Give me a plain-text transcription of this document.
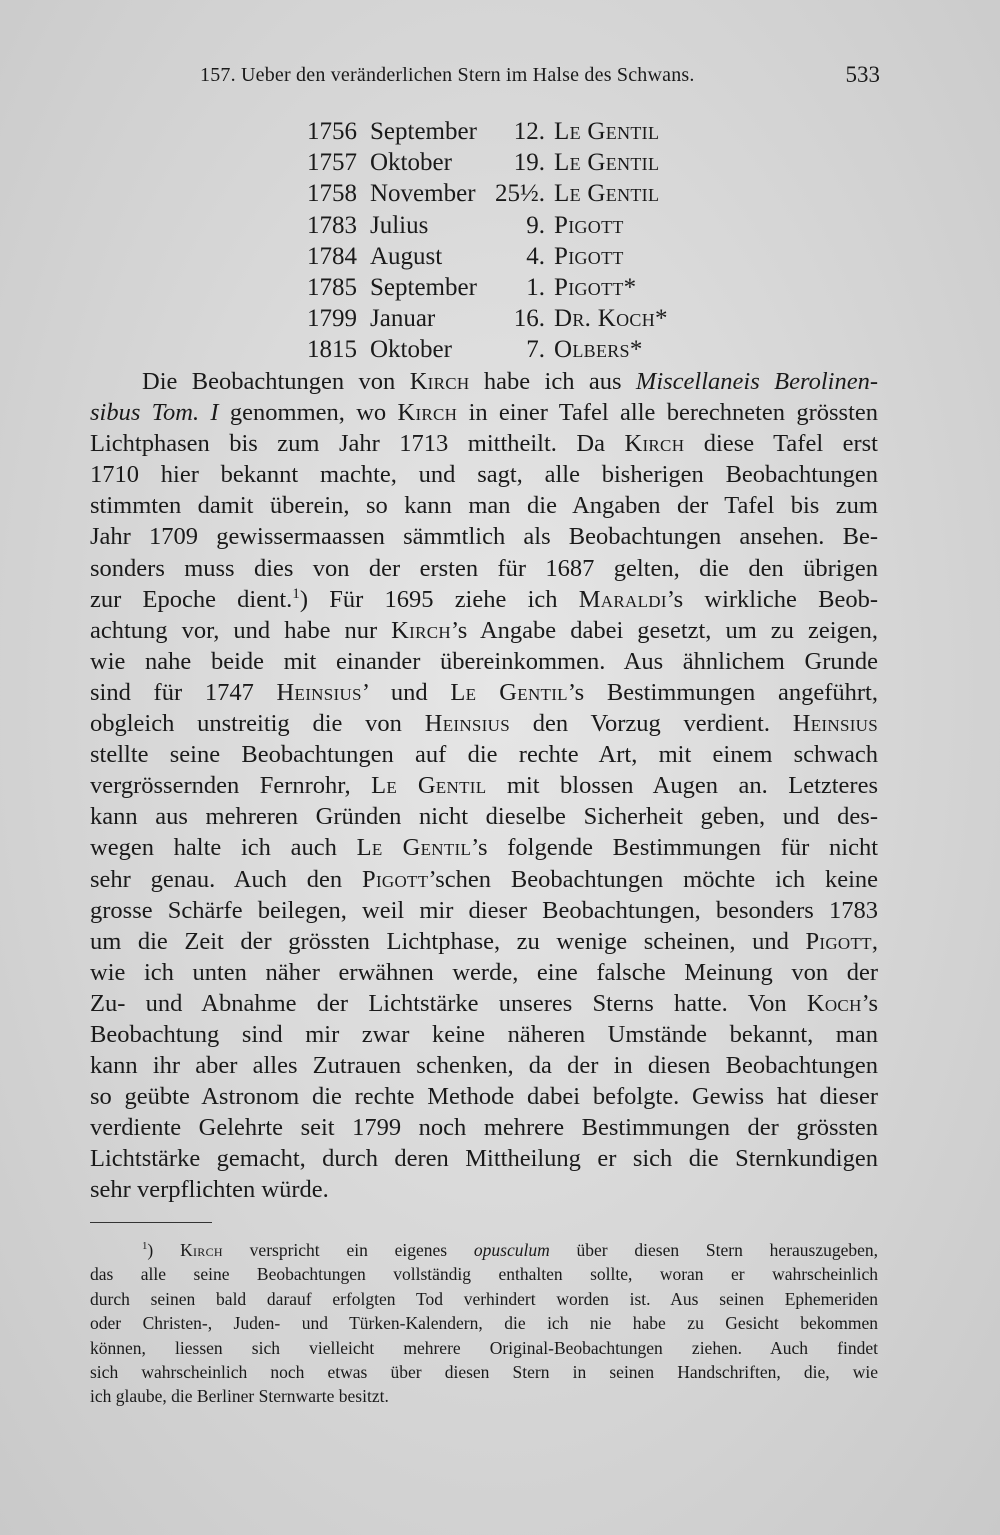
157. Ueber den veränderlichen Stern im Halse des Schwans.	533
1756 September	12. Le Gentil
1757 Oktober	19. Le Gentil
1758 November 25½. Le Gentil
1783 Julius	9. Pigott
1784 August	4. Pigott
1785 September	1. Pigott*
1799 Januar	16. Dr. Koch*
1815 Oktober	7. Olbers*
Die Beobachtungen von Kirch habe ich aus Miscellaneis Berolinen-
sibus Tom. I genommen, wo Kirch in einer Tafel alle berechneten grössten
Lichtphasen bis zum Jahr 1713 mittheilt. Da Kirch diese Tafel erst
1710 hier bekannt machte, und sagt, alle bisherigen Beobachtungen
stimmten damit überein, so kann man die Angaben der Tafel bis zum
Jahr 1709 gewissermaassen sämmtlich als Beobachtungen ansehen. Be-
sonders muss dies von der ersten für 1687 gelten, die den übrigen
zur Epoche dient.$^1$) Für 1695 ziehe ich Maraldi’s wirkliche Beob-
achtung vor, und habe nur Kirch’s Angabe dabei gesetzt, um zu zeigen,
wie nahe beide mit einander übereinkommen. Aus ähnlichem Grunde
sind für 1747 Heinsius’ und Le Gentil’s Bestimmungen angeführt,
obgleich unstreitig die von Heinsius den Vorzug verdient. Heinsius
stellte seine Beobachtungen auf die rechte Art, mit einem schwach
vergrössernden Fernrohr, Le Gentil mit blossen Augen an. Letzteres
kann aus mehreren Gründen nicht dieselbe Sicherheit geben, und des-
wegen halte ich auch Le Gentil’s folgende Bestimmungen für nicht
sehr genau. Auch den Pigott’schen Beobachtungen möchte ich keine
grosse Schärfe beilegen, weil mir dieser Beobachtungen, besonders 1783
um die Zeit der grössten Lichtphase, zu wenige scheinen, und Pigott,
wie ich unten näher erwähnen werde, eine falsche Meinung von der
Zu- und Abnahme der Lichtstärke unseres Sterns hatte. Von Koch’s
Beobachtung sind mir zwar keine näheren Umstände bekannt, man
kann ihr aber alles Zutrauen schenken, da der in diesen Beobachtungen
so geübte Astronom die rechte Methode dabei befolgte. Gewiss hat dieser
verdiente Gelehrte seit 1799 noch mehrere Bestimmungen der grössten
Lichtstärke gemacht, durch deren Mittheilung er sich die Sternkundigen
sehr verpflichten würde.
$^1$) Kirch verspricht ein eigenes opusculum über diesen Stern herauszugeben,
das alle seine Beobachtungen vollständig enthalten sollte, woran er wahrscheinlich
durch seinen bald darauf erfolgten Tod verhindert worden ist. Aus seinen Ephemeriden
oder Christen-, Juden- und Türken-Kalendern, die ich nie habe zu Gesicht bekommen
können, liessen sich vielleicht mehrere Original-Beobachtungen ziehen. Auch findet
sich wahrscheinlich noch etwas über diesen Stern in seinen Handschriften, die, wie
ich glaube, die Berliner Sternwarte besitzt.
